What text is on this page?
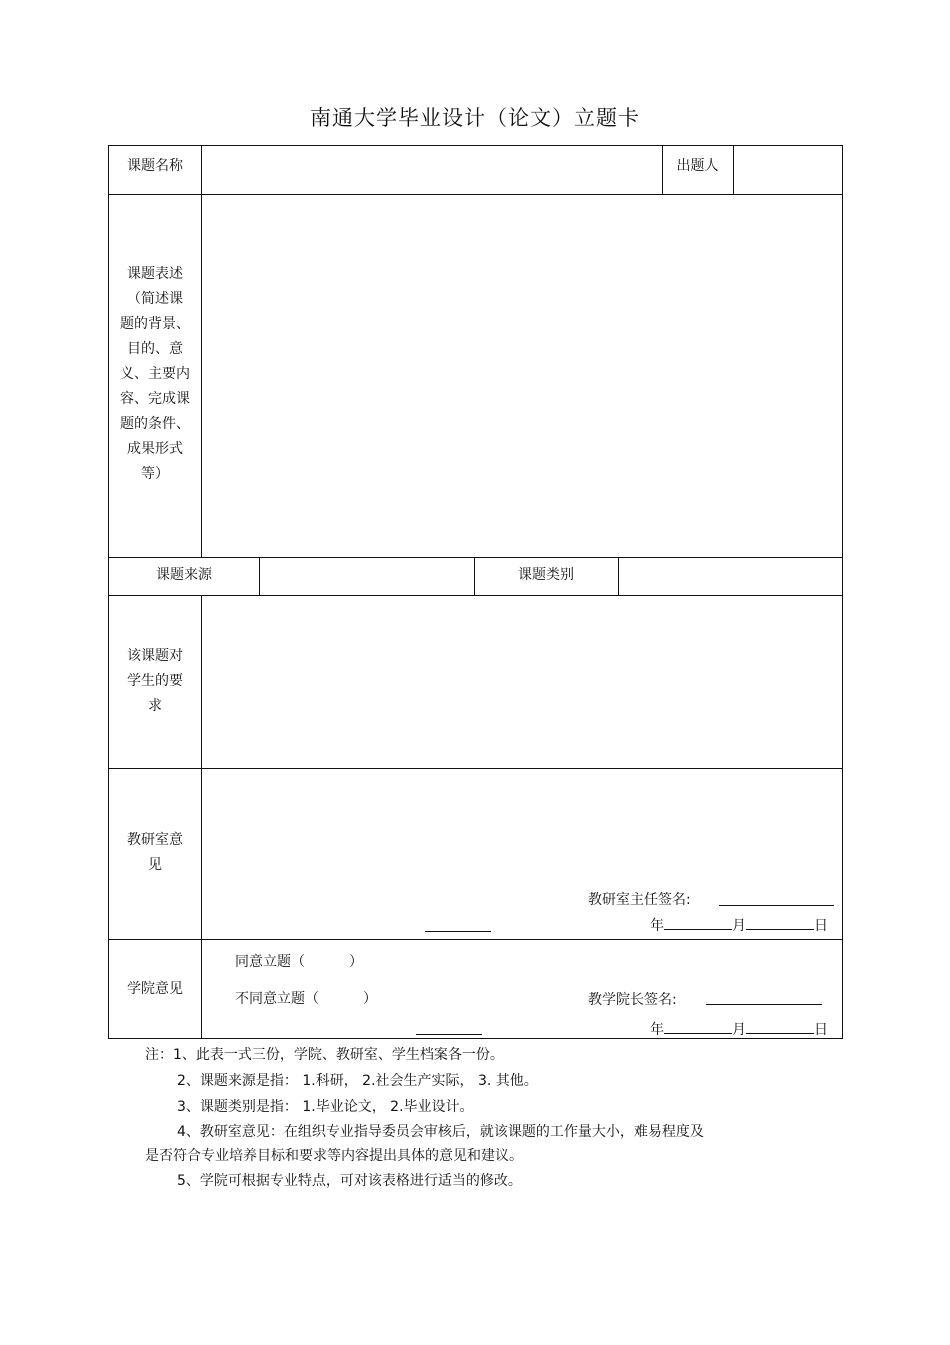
南通大学毕业设计（论文）立题卡
课题名称	出题人
课题表述
（简述课
题的背景、
目的、意
义、主要内
容、完成课
题的条件、
成果形式
等）
课题来源	课题类别
该课题对
学生的要
求
教研室意
见
教研室主任签名:
年	月	日
学院意见
同意立题（	）
不同意立题（	）	教学院长签名:
年	月	日
注：1、此表一式三份，学院、教研室、学生档案各一份。
2、课题来源是指： 1.科研， 2.社会生产实际， 3. 其他。
3、课题类别是指： 1.毕业论文， 2.毕业设计。
4、教研室意见：在组织专业指导委员会审核后，就该课题的工作量大小，难易程度及
是否符合专业培养目标和要求等内容提出具体的意见和建议。
5、学院可根据专业特点，可对该表格进行适当的修改。
